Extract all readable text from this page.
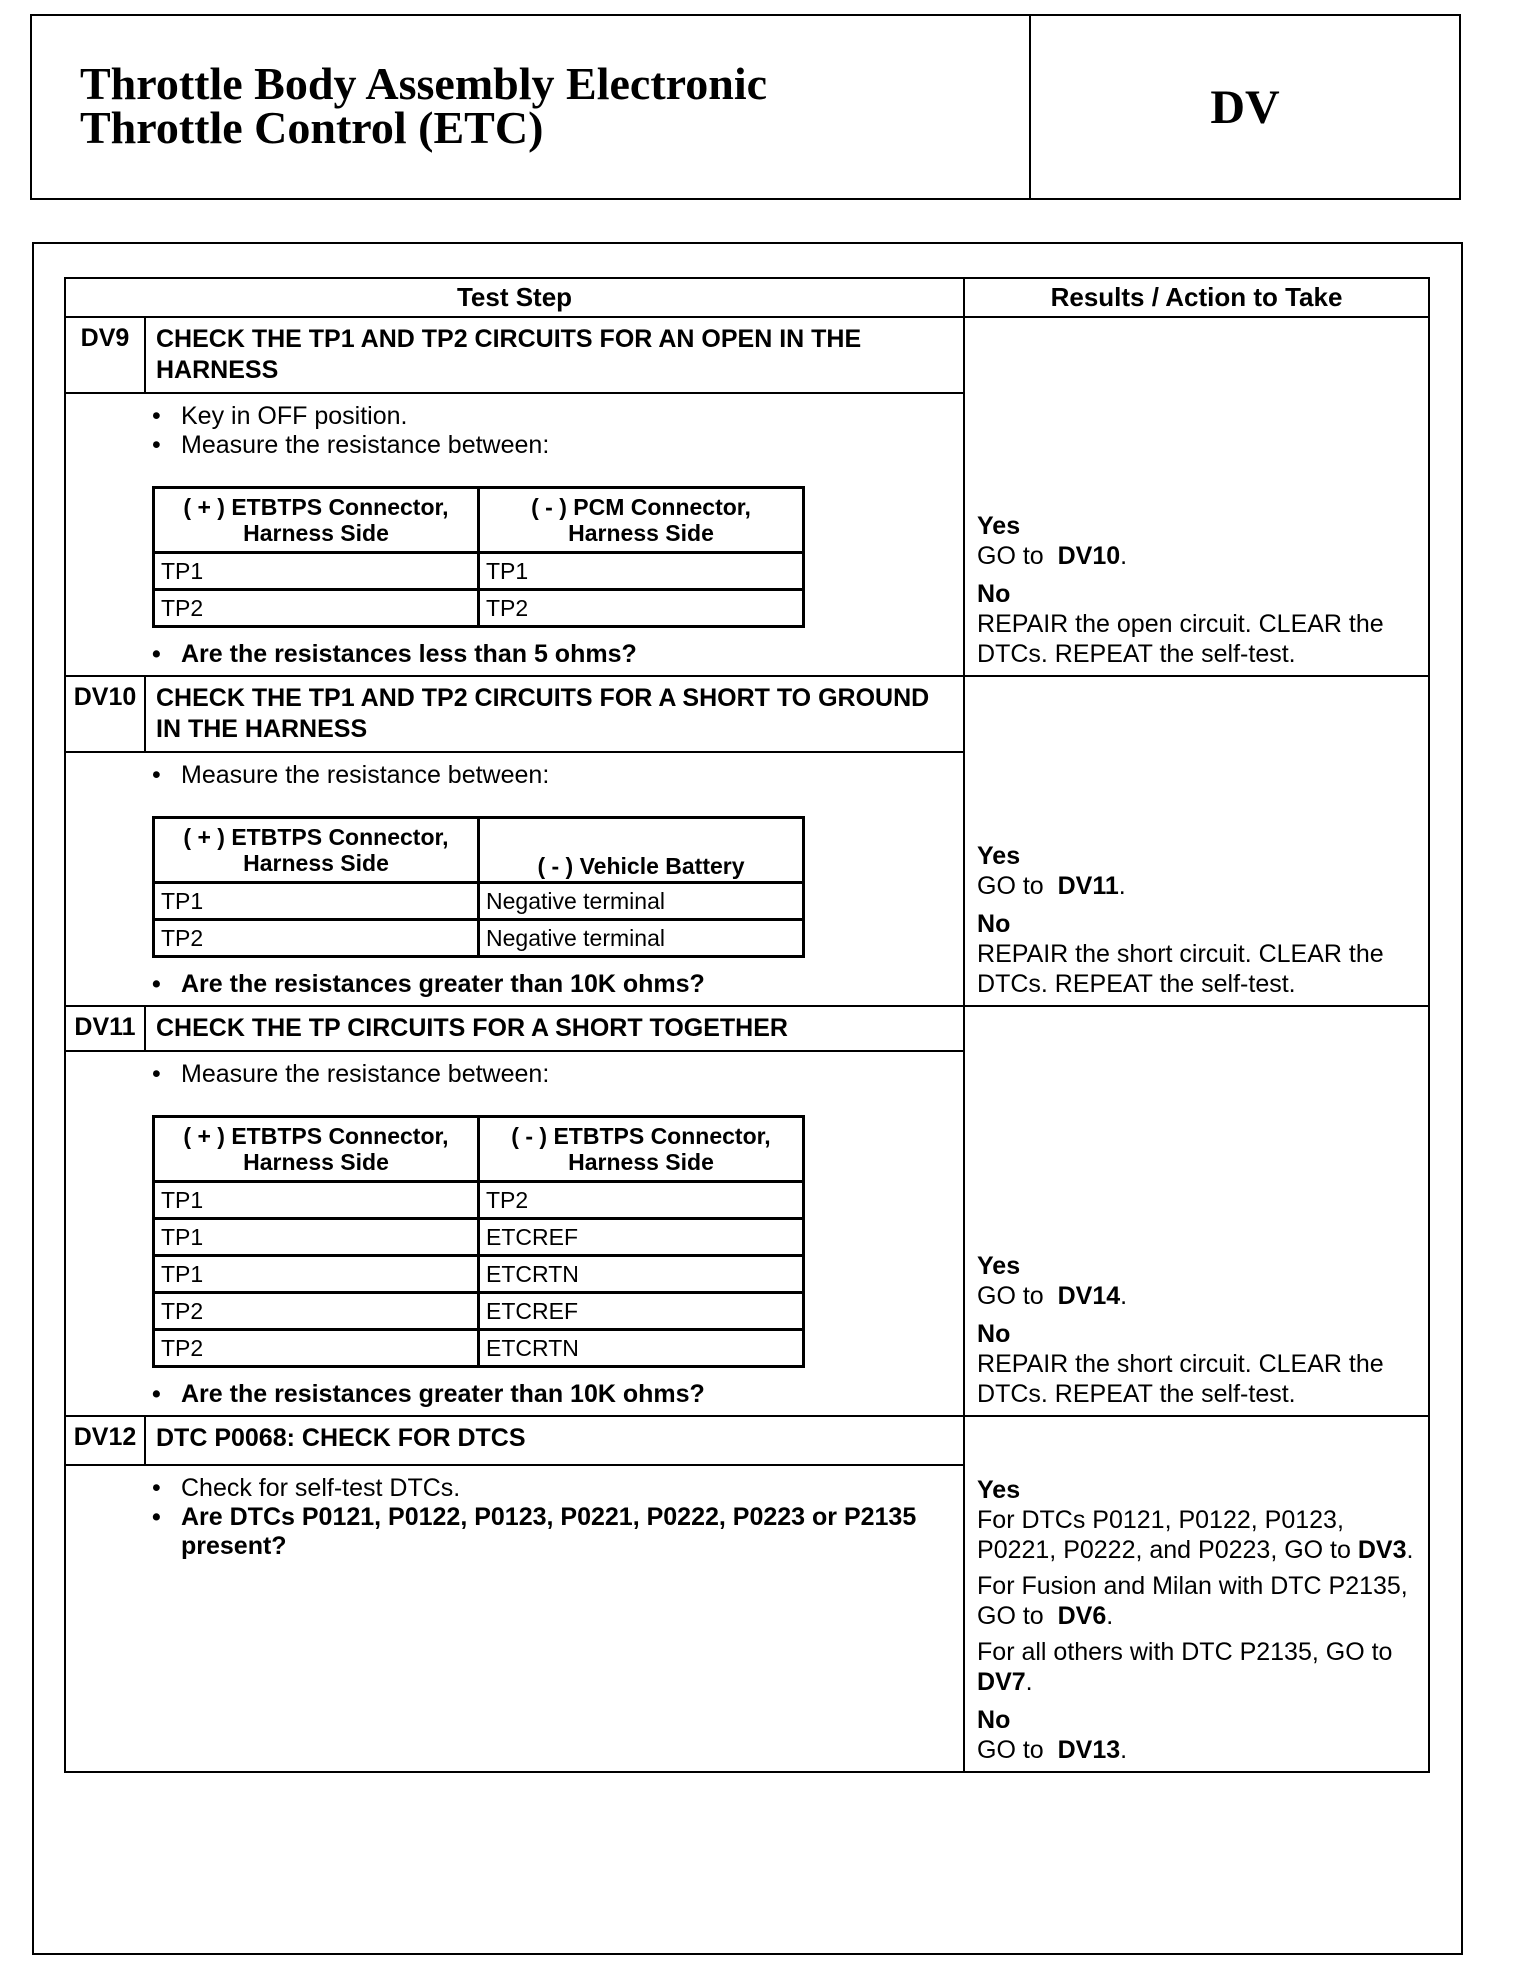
Throttle Body Assembly Electronic
Throttle Control (ETC)	DV
Test Step	Results / Action to Take
DV9	CHECK THE TP1 AND TP2 CIRCUITS FOR AN OPEN IN THE HARNESS	
Yes
GO to DV10.
No
REPAIR the open circuit. CLEAR the DTCs. REPEAT the self-test.

• Key in OFF position.
• Measure the resistance between:
( + ) ETBTPS Connector, Harness Side	( - ) PCM Connector, Harness Side
TP1	TP1
TP2	TP2
• Are the resistances less than 5 ohms?

DV10	CHECK THE TP1 AND TP2 CIRCUITS FOR A SHORT TO GROUND IN THE HARNESS	
Yes
GO to DV11.
No
REPAIR the short circuit. CLEAR the DTCs. REPEAT the self-test.

• Measure the resistance between:
( + ) ETBTPS Connector, Harness Side	( - ) Vehicle Battery
TP1	Negative terminal
TP2	Negative terminal
• Are the resistances greater than 10K ohms?

DV11	CHECK THE TP CIRCUITS FOR A SHORT TOGETHER	
Yes
GO to DV14.
No
REPAIR the short circuit. CLEAR the DTCs. REPEAT the self-test.

• Measure the resistance between:
( + ) ETBTPS Connector, Harness Side	( - ) ETBTPS Connector, Harness Side
TP1	TP2
TP1	ETCREF
TP1	ETCRTN
TP2	ETCREF
TP2	ETCRTN
• Are the resistances greater than 10K ohms?

DV12	DTC P0068: CHECK FOR DTCS	
Yes
For DTCs P0121, P0122, P0123, P0221, P0222, and P0223, GO to DV3.
For Fusion and Milan with DTC P2135, GO to DV6.
For all others with DTC P2135, GO to  DV7.
No
GO to DV13.

• Check for self-test DTCs.
• Are DTCs P0121, P0122, P0123, P0221, P0222, P0223 or P2135 present?
